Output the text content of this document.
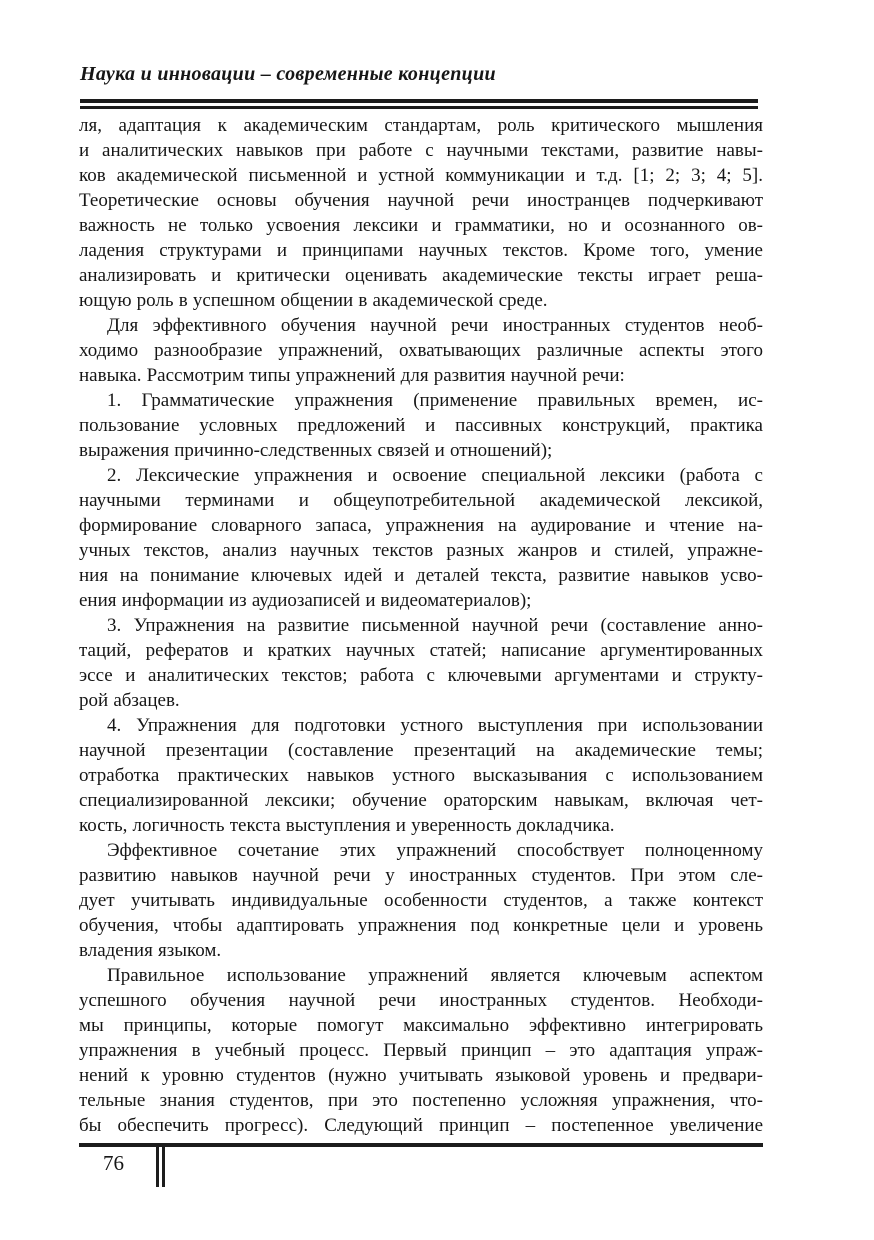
Наука и инновации – современные концепции
ля, адаптация к академическим стандартам, роль критического мышления
и аналитических навыков при работе с научными текстами, развитие навы-
ков академической письменной и устной коммуникации и т.д. [1; 2; 3; 4; 5].
Теоретические основы обучения научной речи иностранцев подчеркивают
важность не только усвоения лексики и грамматики, но и осознанного ов-
ладения структурами и принципами научных текстов. Кроме того, умение
анализировать и критически оценивать академические тексты играет реша-
ющую роль в успешном общении в академической среде.
Для эффективного обучения научной речи иностранных студентов необ-
ходимо разнообразие упражнений, охватывающих различные аспекты этого
навыка. Рассмотрим типы упражнений для развития научной речи:
1. Грамматические упражнения (применение правильных времен, ис-
пользование условных предложений и пассивных конструкций, практика
выражения причинно-следственных связей и отношений);
2. Лексические упражнения и освоение специальной лексики (работа с
научными терминами и общеупотребительной академической лексикой,
формирование словарного запаса, упражнения на аудирование и чтение на-
учных текстов, анализ научных текстов разных жанров и стилей, упражне-
ния на понимание ключевых идей и деталей текста, развитие навыков усво-
ения информации из аудиозаписей и видеоматериалов);
3. Упражнения на развитие письменной научной речи (составление анно-
таций, рефератов и кратких научных статей; написание аргументированных
эссе и аналитических текстов; работа с ключевыми аргументами и структу-
рой абзацев.
4. Упражнения для подготовки устного выступления при использовании
научной презентации (составление презентаций на академические темы;
отработка практических навыков устного высказывания с использованием
специализированной лексики; обучение ораторским навыкам, включая чет-
кость, логичность текста выступления и уверенность докладчика.
Эффективное сочетание этих упражнений способствует полноценному
развитию навыков научной речи у иностранных студентов. При этом сле-
дует учитывать индивидуальные особенности студентов, а также контекст
обучения, чтобы адаптировать упражнения под конкретные цели и уровень
владения языком.
Правильное использование упражнений является ключевым аспектом
успешного обучения научной речи иностранных студентов. Необходи-
мы принципы, которые помогут максимально эффективно интегрировать
упражнения в учебный процесс. Первый принцип – это адаптация упраж-
нений к уровню студентов (нужно учитывать языковой уровень и предвари-
тельные знания студентов, при это постепенно усложняя упражнения, что-
бы обеспечить прогресс). Следующий принцип – постепенное увеличение
76
